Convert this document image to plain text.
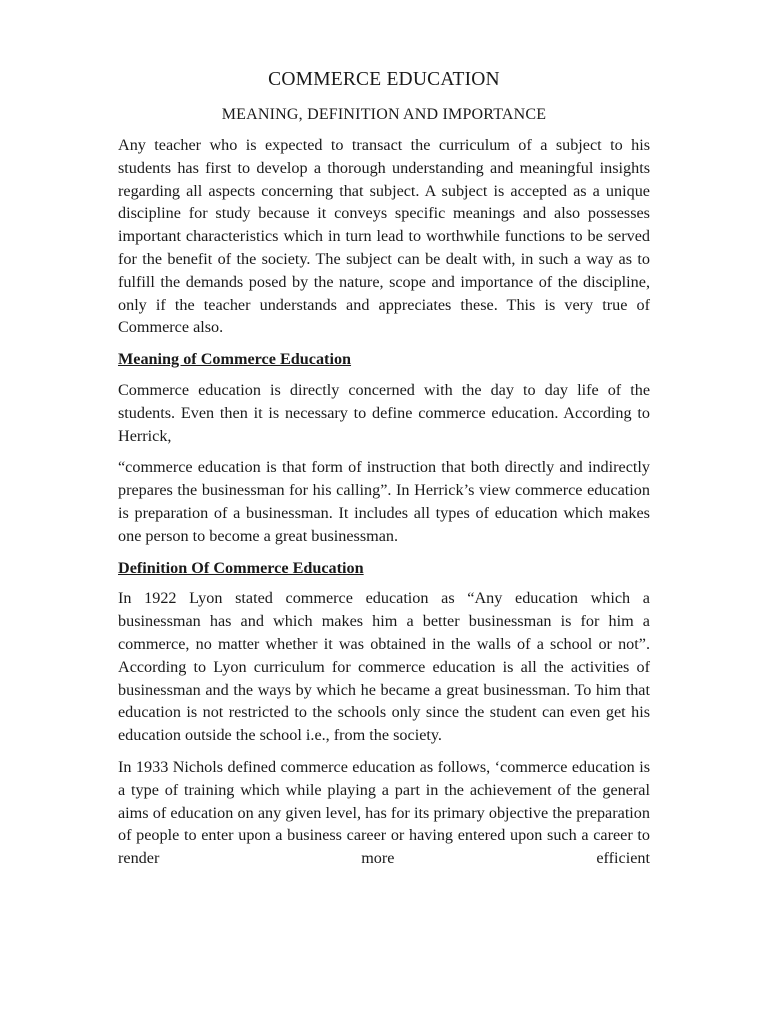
COMMERCE EDUCATION
MEANING, DEFINITION AND IMPORTANCE

Any teacher who is expected to transact the curriculum of a subject to his students has first to develop a thorough understanding and meaningful insights regarding all aspects concerning that subject. A subject is accepted as a unique discipline for study because it conveys specific meanings and also possesses important characteristics which in turn lead to worthwhile functions to be served for the benefit of the society. The subject can be dealt with, in such a way as to fulfill the demands posed by the nature, scope and importance of the discipline, only if the teacher understands and appreciates these. This is very true of Commerce also.

Meaning of Commerce Education

Commerce education is directly concerned with the day to day life of the students. Even then it is necessary to define commerce education. According to Herrick,

“commerce education is that form of instruction that both directly and indirectly prepares the businessman for his calling”. In Herrick’s view commerce education is preparation of a businessman. It includes all types of education which makes one person to become a great businessman.

Definition Of Commerce Education

In 1922 Lyon stated commerce education as “Any education which a businessman has and which makes him a better businessman is for him a commerce, no matter whether it was obtained in the walls of a school or not”. According to Lyon curriculum for commerce education is all the activities of businessman and the ways by which he became a great businessman. To him that education is not restricted to the schools only since the student can even get his education outside the school i.e., from the society.

In 1933 Nichols defined commerce education as follows, ‘commerce education is a type of training which while playing a part in the achievement of the general aims of education on any given level, has for its primary objective the preparation of people to enter upon a business career or having entered upon such a career to render more efficient
